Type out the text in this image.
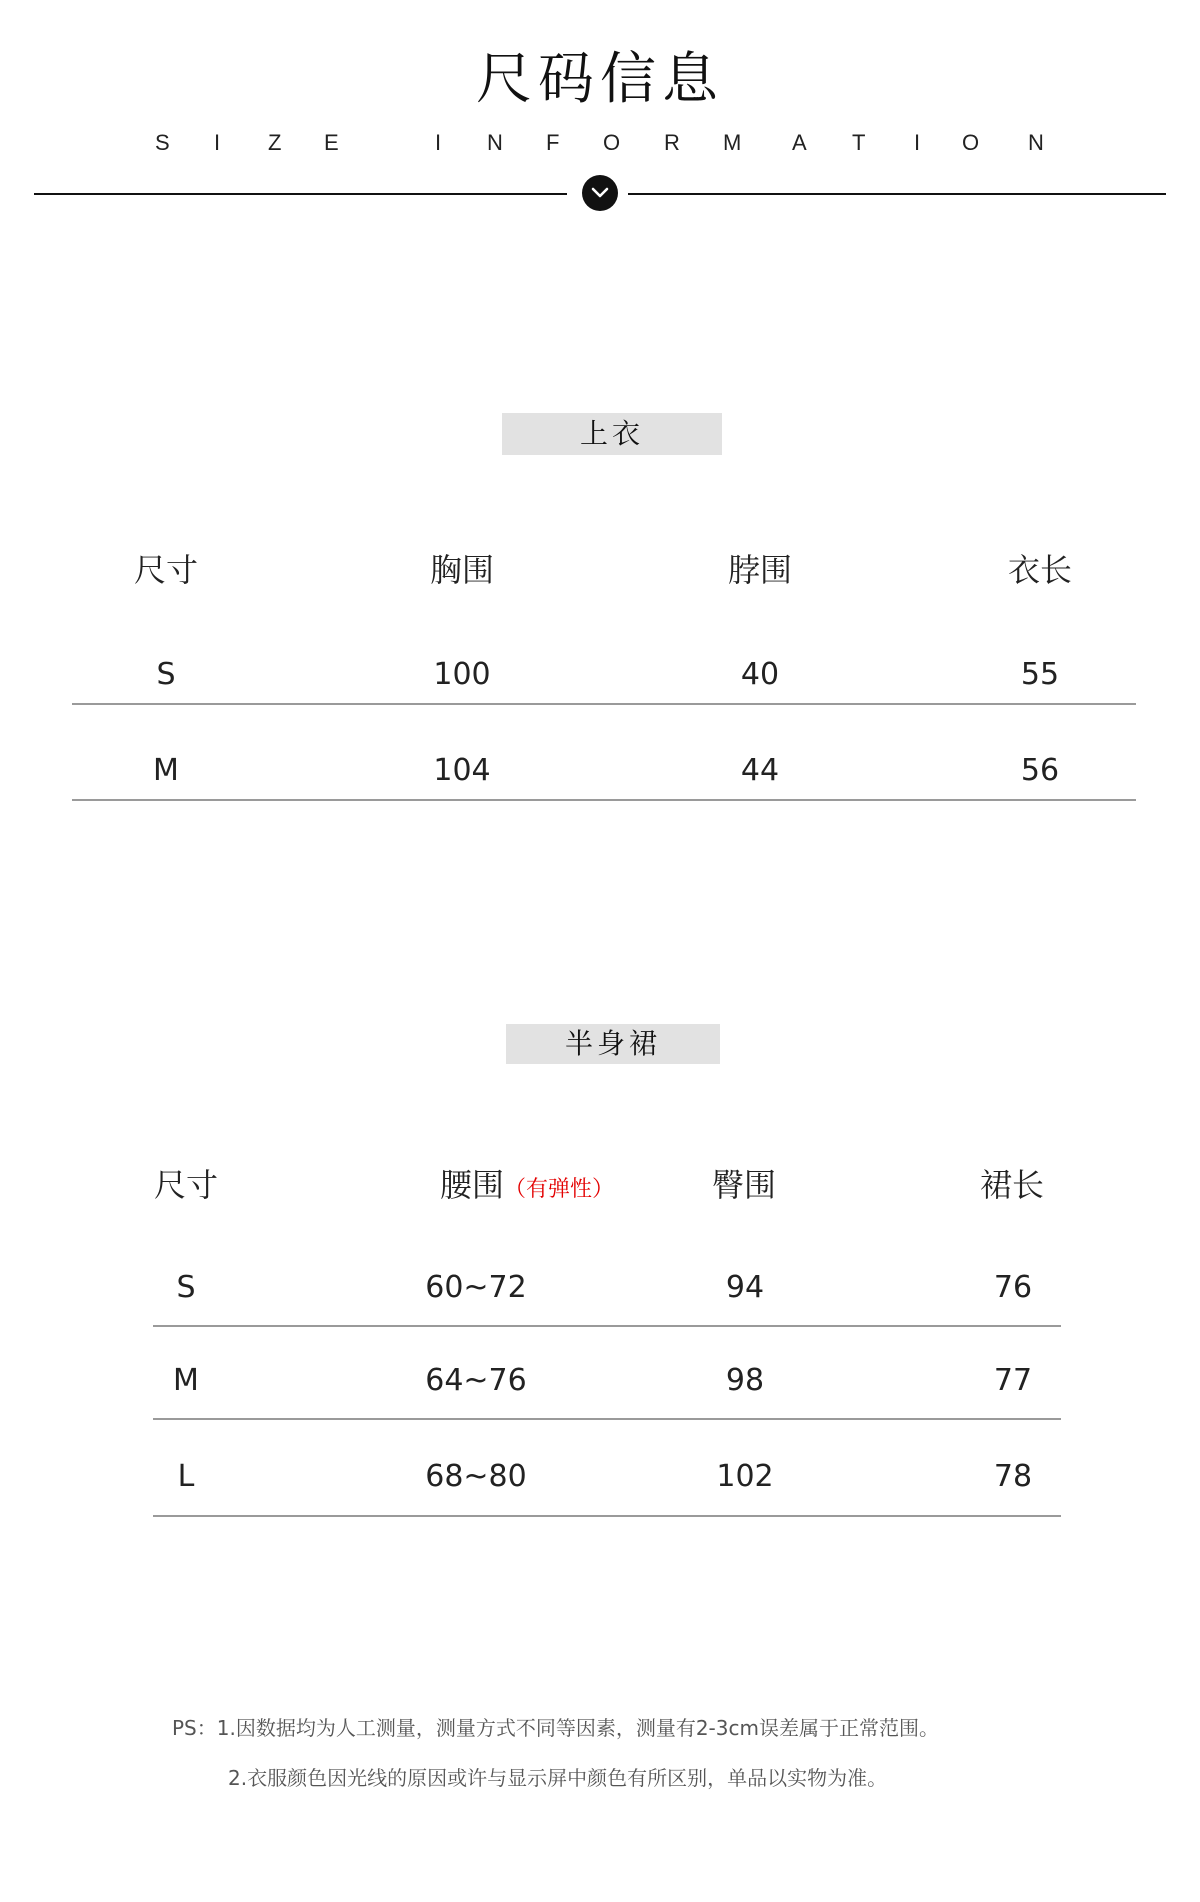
尺码信息
S I Z E	I N F O R M A T I O N
上衣
尺寸	胸围	脖围	衣长
S	100	40	55
M	104	44	56
半身裙
尺寸	腰围（有弹性）	臀围	裙长
S	60~72	94	76
M	64~76	98	77
L	68~80	102	78
PS：1.因数据均为人工测量，测量方式不同等因素，测量有2-3cm误差属于正常范围。
2.衣服颜色因光线的原因或许与显示屏中颜色有所区别，单品以实物为准。
